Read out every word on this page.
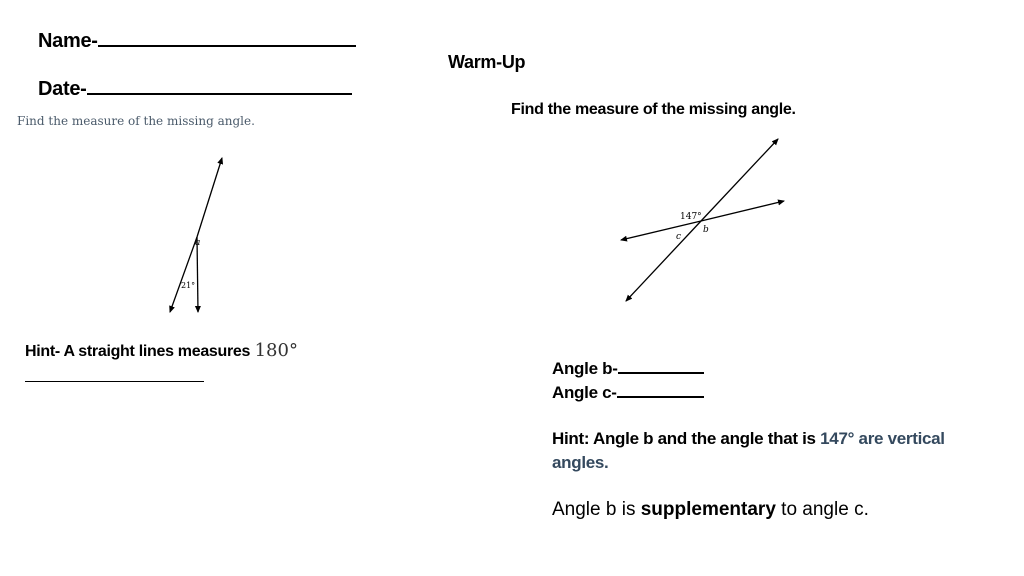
Name-
Date-
Warm-Up
Find the measure of the missing angle.
a
21°
Hint- A straight lines measures 180°
Find the measure of the missing angle.
147°
b
c
Angle b-
Angle c-
Hint: Angle b and the angle that is 147° are vertical angles.
Angle b is supplementary to angle c.
